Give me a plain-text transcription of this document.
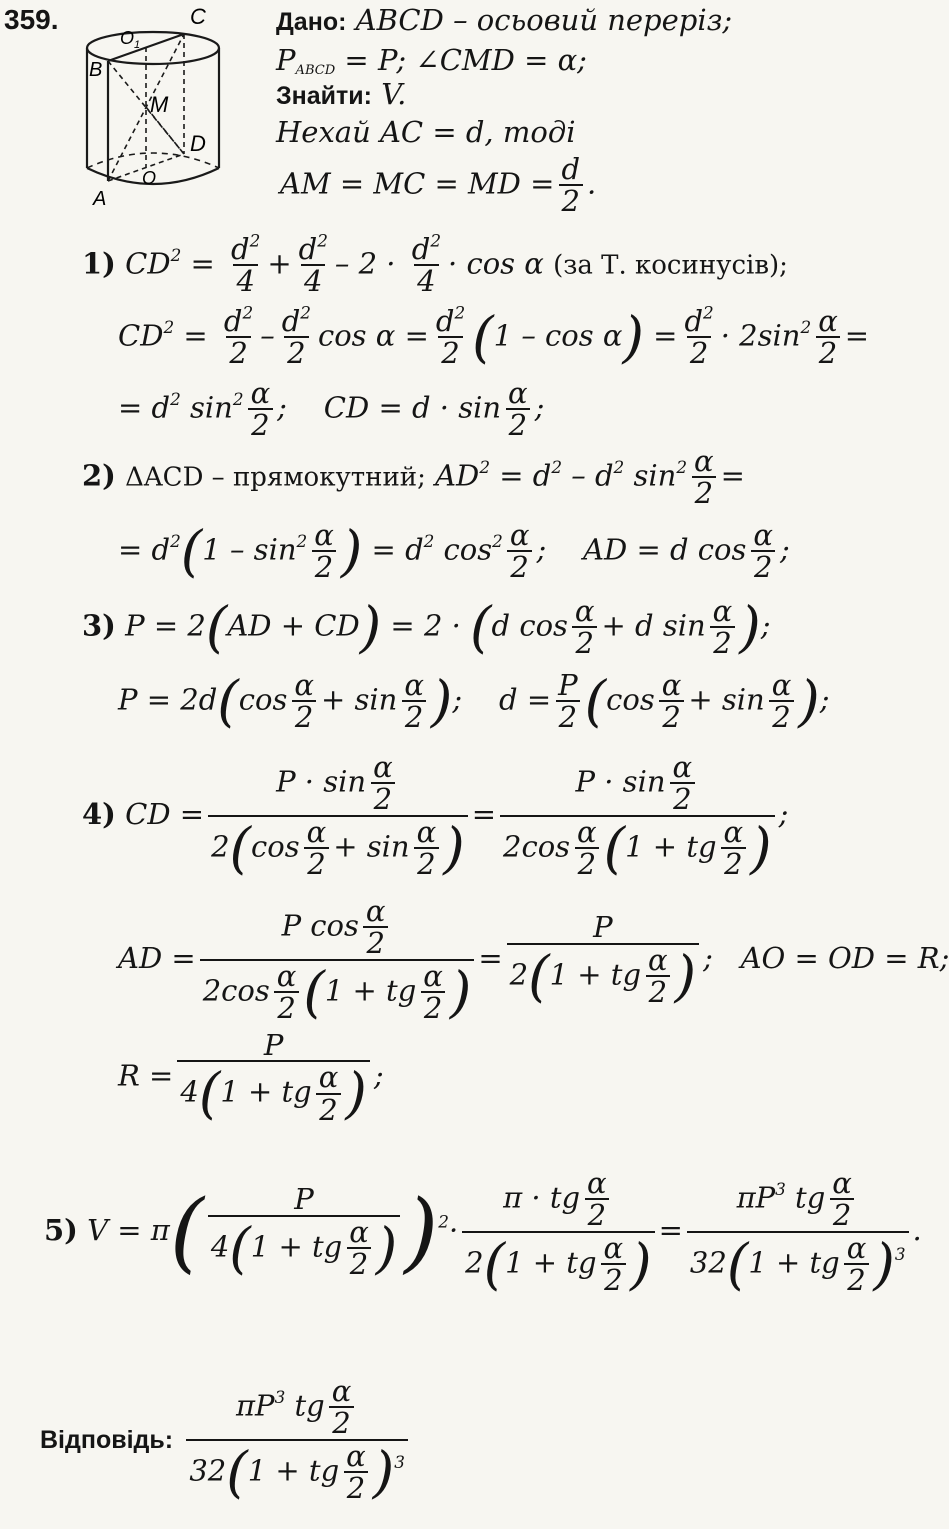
359.	C
B
O 1
M
D
A
O
Дано: ABCD – осьовий переріз;
$P_{ABCD} = P$; ∠CMD = α;
Знайти: V.
Нехай AC = d, тоді
AM = MC = MD = $\frac{d}{2}$ .
1) $CD^2 = \frac{d^2}{4} + \frac{d^2}{4} - 2 \cdot \frac{d^2}{4} \cdot \cos \alpha$ (за Т. косинусів);
$CD^2 = \frac{d^2}{2} - \frac{d^2}{2}$ $\cos \alpha = \frac{d^2}{2} (1 - \cos \alpha) = \frac{d^2}{2} \cdot 2\sin^2 \frac{\alpha}{2}$ =
= $d^2$ $\sin^2 \frac{\alpha}{2}$ ;    CD = $d \cdot \sin \frac{\alpha}{2}$ ;
2) ΔACD – прямокутний; $AD^2 = d^2 - d^2$ $\sin^2 \frac{\alpha}{2}$ =
= $d^2(1 - \sin^2 \frac{\alpha}{2}$ ) = $d^2$ $\cos^2 \frac{\alpha}{2}$ ;    AD = d $\cos \frac{\alpha}{2}$ ;
3) P = 2(AD + CD) = 2 · (d $\cos \frac{\alpha}{2} + d$ $\sin \frac{\alpha}{2}$ );
$P = 2d(\cos \frac{\alpha}{2} + \sin \frac{\alpha}{2}$ );    $d = \frac{P}{2} (\cos \frac{\alpha}{2} + \sin \frac{\alpha}{2}$ );
4) CD = $\frac{P \cdot \sin \frac{\alpha}{2}}{2(\cos \frac{\alpha}{2} + \sin \frac{\alpha}{2} )} = \frac{P \cdot \sin \frac{\alpha}{2}}{2\cos \frac{\alpha}{2} (1 + tg \frac{\alpha}{2} )}$ ;
AD = $\frac{P \cos \frac{\alpha}{2}}{2\cos \frac{\alpha}{2} (1 + tg \frac{\alpha}{2} )} = \frac{P}{2(1 + tg \frac{\alpha}{2} )}$ ;   AO = OD = R;
$R = \frac{P}{4(1 + tg \frac{\alpha}{2} )}$ ;
5) $V = \pi( \frac{P}{4(1 + tg \frac{\alpha}{2} )} )^2\cdot \frac{\pi \cdot tg \frac{\alpha}{2}}{2(1 + tg \frac{\alpha}{2} )} = \frac{\pi P^3 tg \frac{\alpha}{2}}{32(1 + tg \frac{\alpha}{2} )^3}$ .
Відповідь: $\frac{\pi P^3 tg \frac{\alpha}{2}}{32(1 + tg \frac{\alpha}{2} )^3}$
